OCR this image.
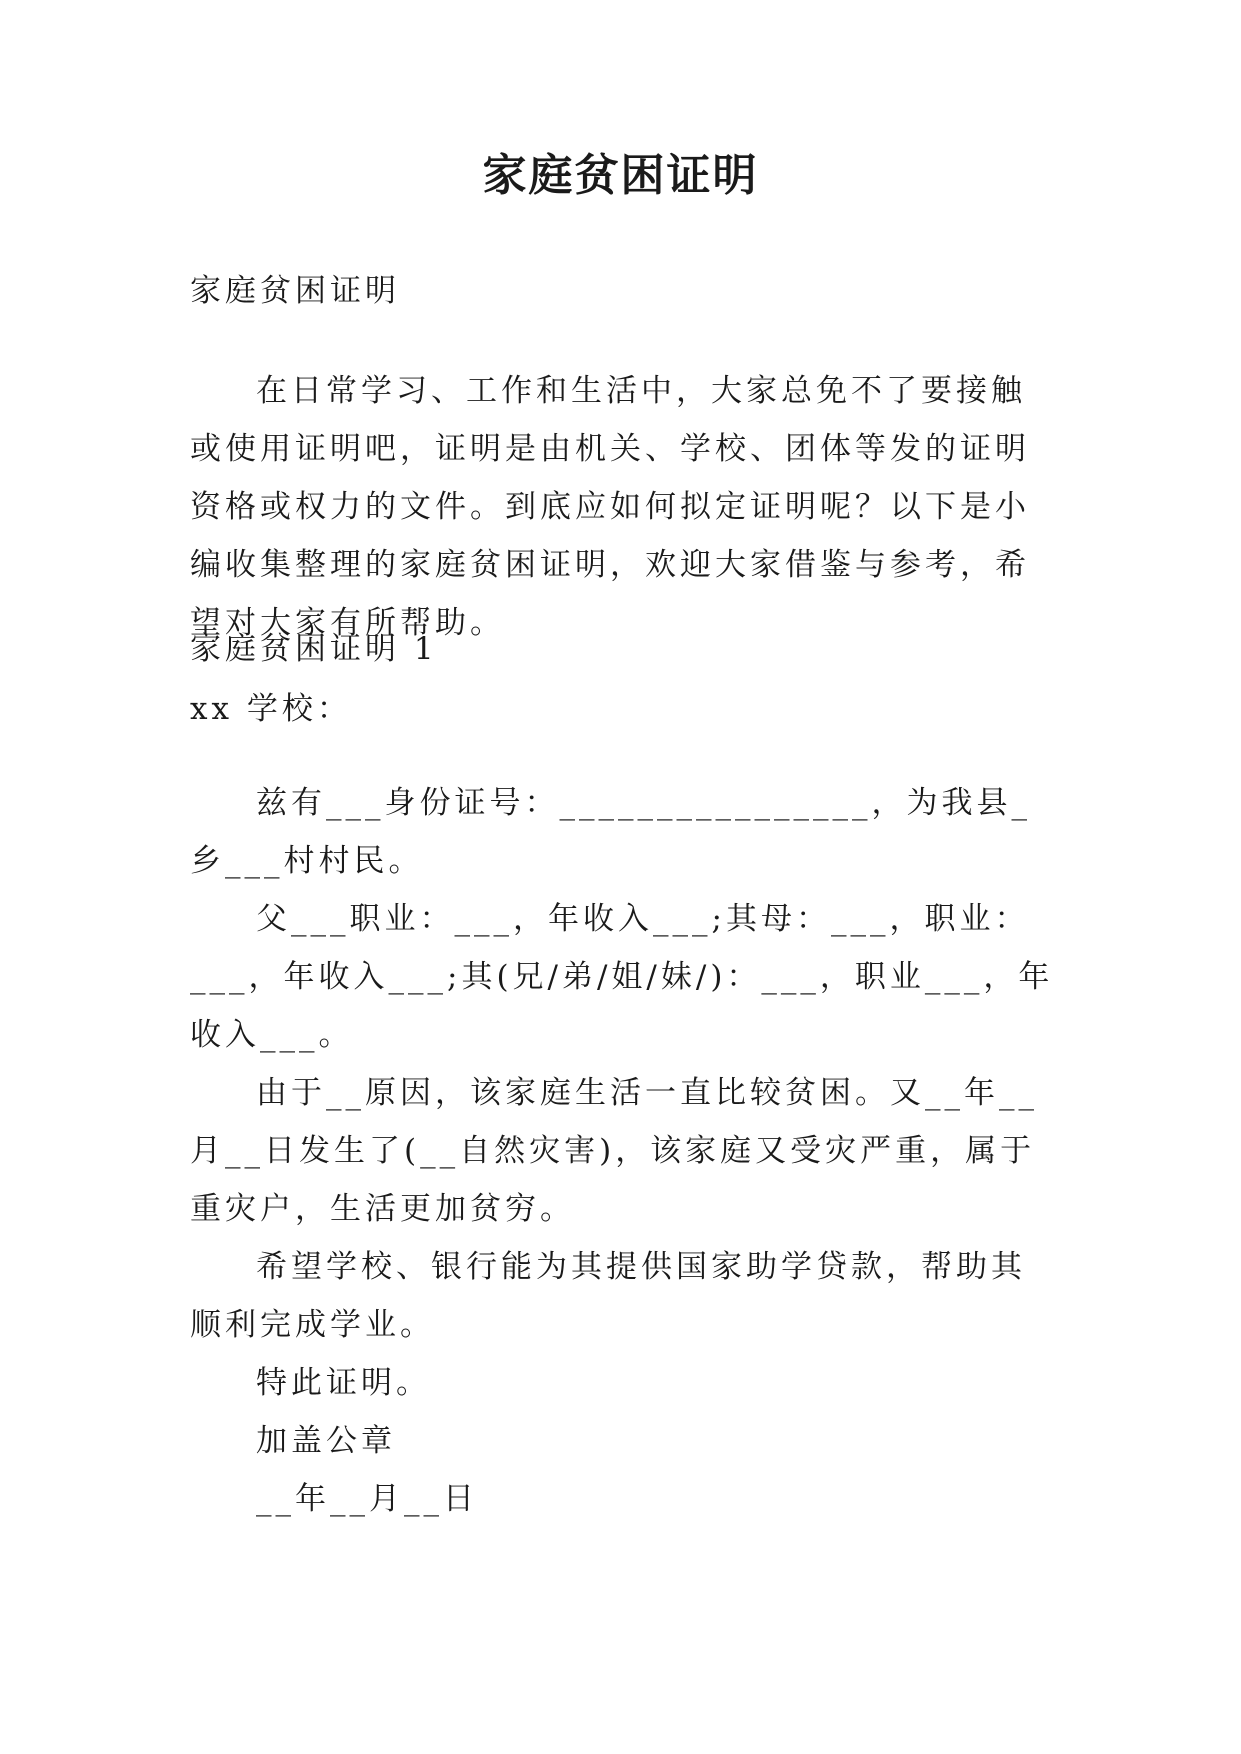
家庭贫困证明

家庭贫困证明

在日常学习、工作和生活中，大家总免不了要接触或使用证明吧，证明是由机关、学校、团体等发的证明资格或权力的文件。到底应如何拟定证明呢？以下是小编收集整理的家庭贫困证明，欢迎大家借鉴与参考，希望对大家有所帮助。

家庭贫困证明 1

xx 学校：

兹有___身份证号：________________，为我县_乡___村村民。

父___职业：___，年收入___;其母：___，职业：___，年收入___;其(兄/弟/姐/妹/)：___，职业___，年收入___。

由于__原因，该家庭生活一直比较贫困。又__年__月__日发生了(__自然灾害)，该家庭又受灾严重，属于重灾户，生活更加贫穷。

希望学校、银行能为其提供国家助学贷款，帮助其顺利完成学业。

特此证明。

加盖公章

__年__月__日
